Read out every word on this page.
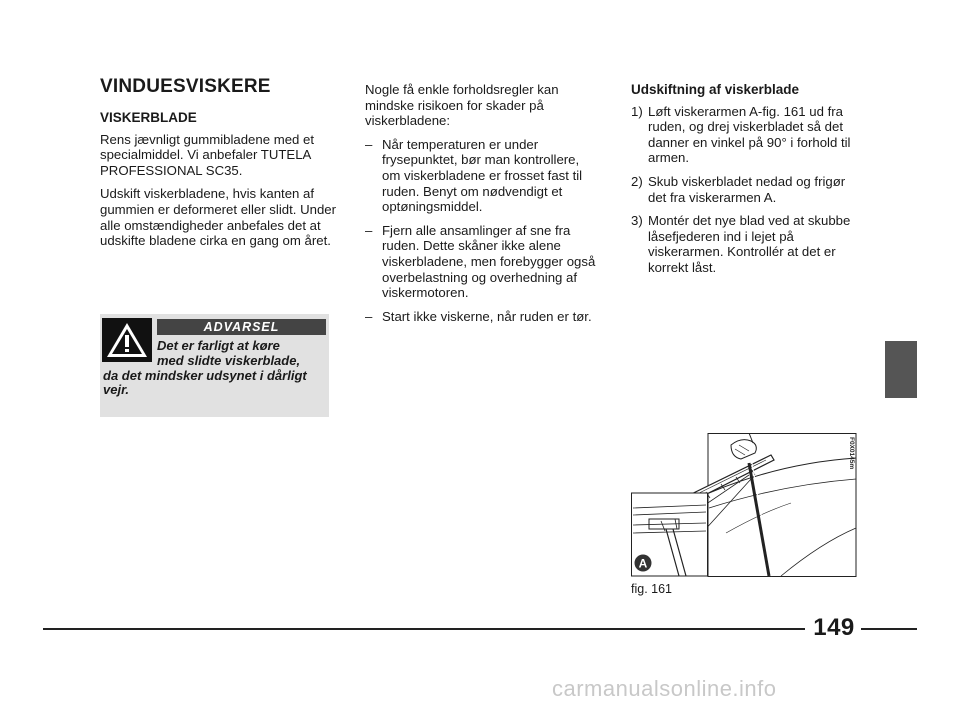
VINDUESVISKERE
VISKERBLADE

Rens jævnligt gummibladene med et specialmiddel. Vi anbefaler TUTELA PROFESSIONAL SC35.

Udskift viskerbladene, hvis kanten af gummien er deformeret eller slidt. Under alle omstændigheder anbefales det at udskifte bladene cirka en gang om året.

ADVARSEL
Det er farligt at køre
med slidte viskerblade,
da det mindsker udsynet i dårligt vejr.

Nogle få enkle forholdsregler kan mindske risikoen for skader på viskerbladene:

– Når temperaturen er under frysepunktet, bør man kontrollere, om viskerbladene er frosset fast til ruden. Benyt om nødvendigt et optøningsmiddel.
– Fjern alle ansamlinger af sne fra ruden. Dette skåner ikke alene viskerbladene, men forebygger også overbelastning og overhedning af viskermotoren.
– Start ikke viskerne, når ruden er tør.
Udskiftning af viskerblade
1) Løft viskerarmen A-fig. 161 ud fra ruden, og drej viskerbladet så det danner en vinkel på 90° i forhold til armen.
2) Skub viskerbladet nedad og frigør det fra viskerarmen A.
3) Montér det nye blad ved at skubbe låsefjederen ind i lejet på viskerarmen. Kontrollér at det er korrekt låst.
F0X0145m
A
fig. 161
149
carmanualsonline.info
